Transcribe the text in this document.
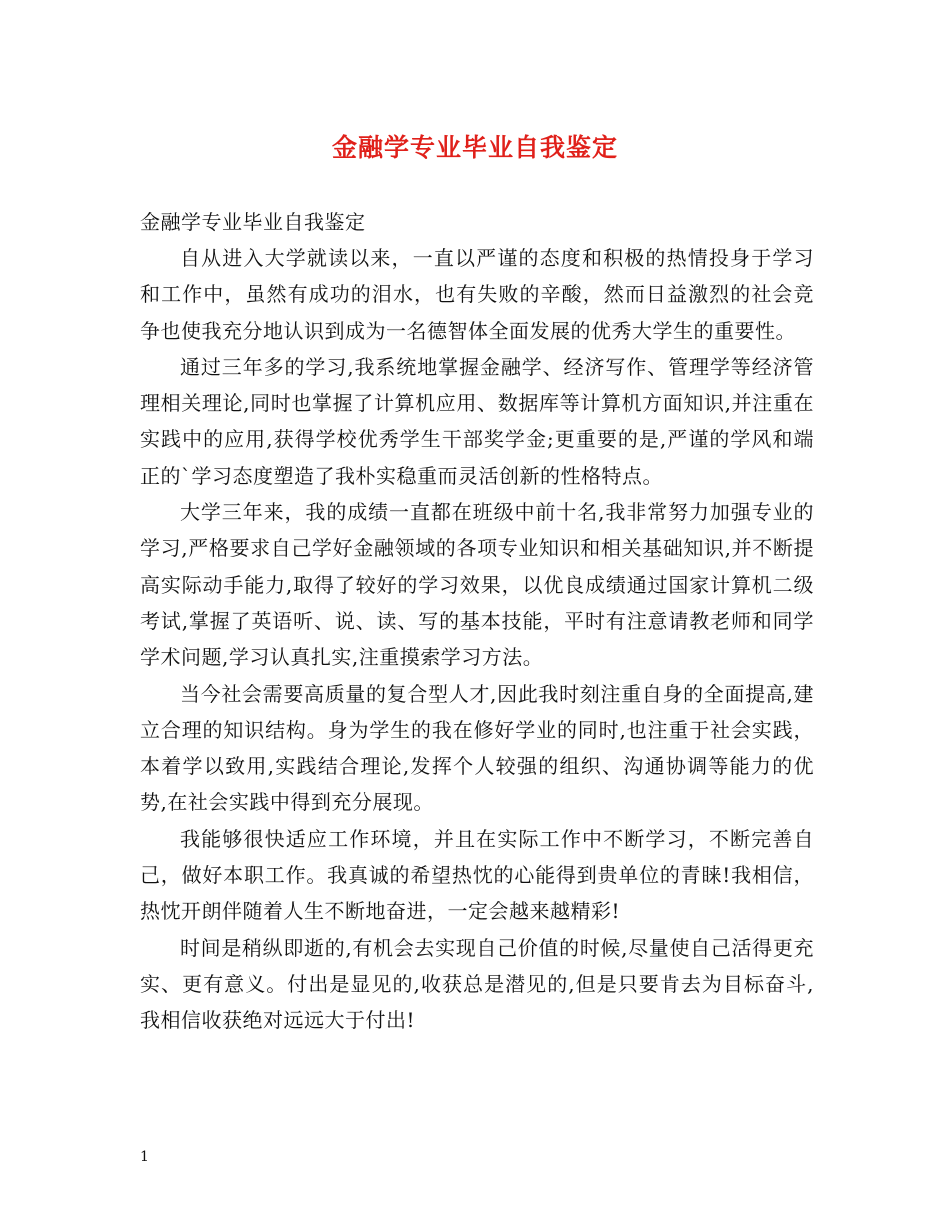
金融学专业毕业自我鉴定

金融学专业毕业自我鉴定

自从进入大学就读以来，一直以严谨的态度和积极的热情投身于学习和工作中，虽然有成功的泪水，也有失败的辛酸，然而日益激烈的社会竞争也使我充分地认识到成为一名德智体全面发展的优秀大学生的重要性。

通过三年多的学习,我系统地掌握金融学、经济写作、管理学等经济管理相关理论,同时也掌握了计算机应用、数据库等计算机方面知识,并注重在实践中的应用,获得学校优秀学生干部奖学金;更重要的是,严谨的学风和端正的`学习态度塑造了我朴实稳重而灵活创新的性格特点。

大学三年来，我的成绩一直都在班级中前十名,我非常努力加强专业的学习,严格要求自己学好金融领域的各项专业知识和相关基础知识,并不断提高实际动手能力,取得了较好的学习效果，以优良成绩通过国家计算机二级考试,掌握了英语听、说、读、写的基本技能，平时有注意请教老师和同学学术问题,学习认真扎实,注重摸索学习方法。

当今社会需要高质量的复合型人才,因此我时刻注重自身的全面提高,建立合理的知识结构。身为学生的我在修好学业的同时,也注重于社会实践，本着学以致用,实践结合理论,发挥个人较强的组织、沟通协调等能力的优势,在社会实践中得到充分展现。

我能够很快适应工作环境，并且在实际工作中不断学习，不断完善自己，做好本职工作。我真诚的希望热忱的心能得到贵单位的青睐!我相信，热忱开朗伴随着人生不断地奋进，一定会越来越精彩!

时间是稍纵即逝的,有机会去实现自己价值的时候,尽量使自己活得更充实、更有意义。付出是显见的,收获总是潜见的,但是只要肯去为目标奋斗,我相信收获绝对远远大于付出!

1
